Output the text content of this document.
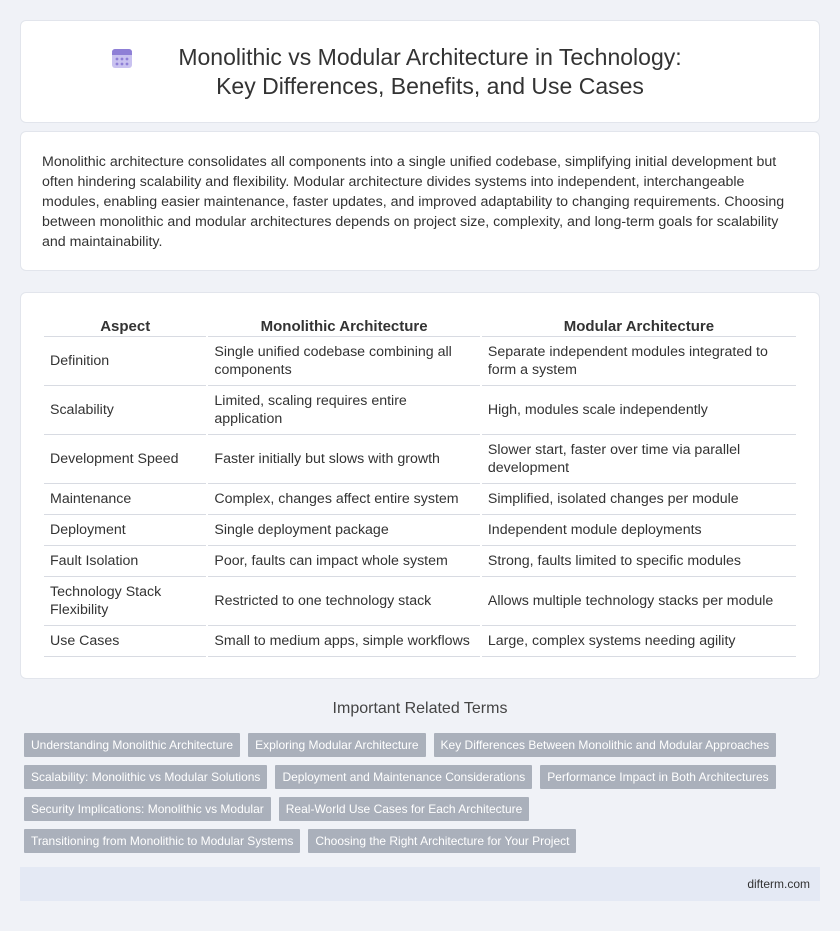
Monolithic vs Modular Architecture in Technology: Key Differences, Benefits, and Use Cases

Monolithic architecture consolidates all components into a single unified codebase, simplifying initial development but often hindering scalability and flexibility. Modular architecture divides systems into independent, interchangeable modules, enabling easier maintenance, faster updates, and improved adaptability to changing requirements. Choosing between monolithic and modular architectures depends on project size, complexity, and long-term goals for scalability and maintainability.

Aspect	Monolithic Architecture	Modular Architecture
Definition	Single unified codebase combining all components	Separate independent modules integrated to form a system
Scalability	Limited, scaling requires entire application	High, modules scale independently
Development Speed	Faster initially but slows with growth	Slower start, faster over time via parallel development
Maintenance	Complex, changes affect entire system	Simplified, isolated changes per module
Deployment	Single deployment package	Independent module deployments
Fault Isolation	Poor, faults can impact whole system	Strong, faults limited to specific modules
Technology Stack Flexibility	Restricted to one technology stack	Allows multiple technology stacks per module
Use Cases	Small to medium apps, simple workflows	Large, complex systems needing agility
Important Related Terms
Understanding Monolithic Architecture	Exploring Modular Architecture	Key Differences Between Monolithic and Modular Approaches
Scalability: Monolithic vs Modular Solutions	Deployment and Maintenance Considerations	Performance Impact in Both Architectures
Security Implications: Monolithic vs Modular	Real-World Use Cases for Each Architecture
Transitioning from Monolithic to Modular Systems	Choosing the Right Architecture for Your Project
difterm.com
